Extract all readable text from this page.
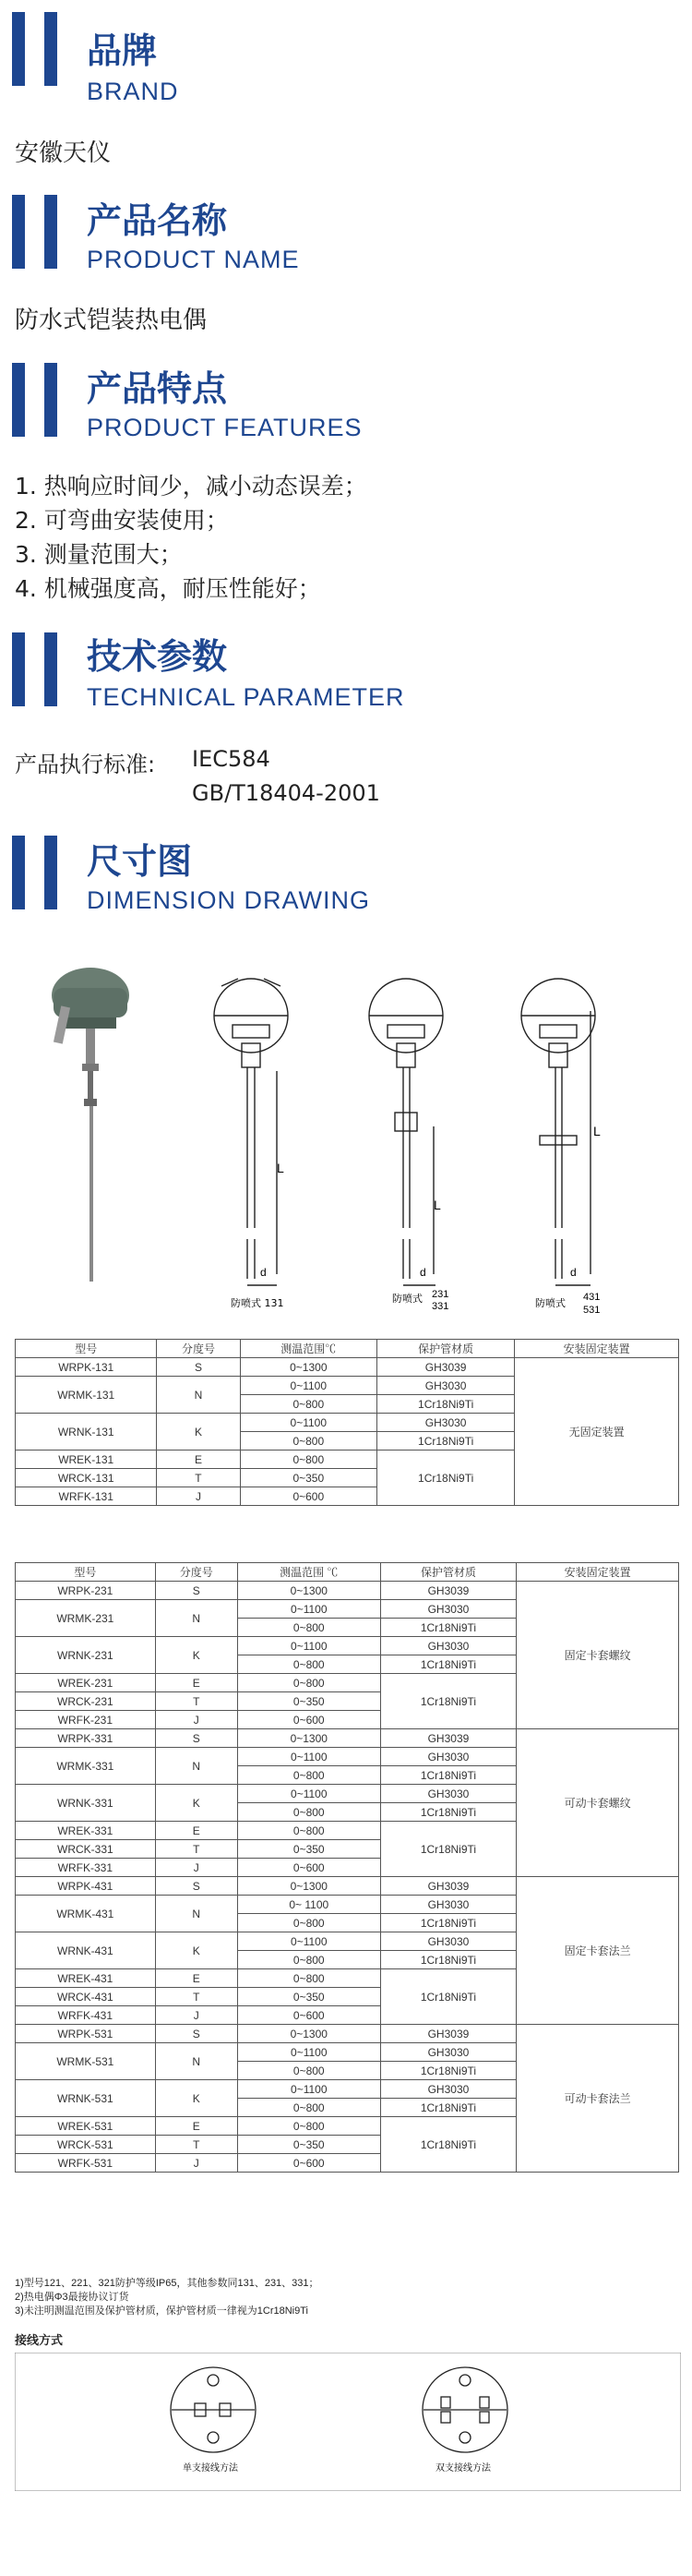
品牌
BRAND
安徽天仪
产品名称
PRODUCT NAME
防水式铠装热电偶
产品特点
PRODUCT FEATURES
1. 热响应时间少，减小动态误差；
2. 可弯曲安装使用；
3. 测量范围大；
4. 机械强度高，耐压性能好；
技术参数
TECHNICAL PARAMETER
产品执行标准: IEC584
GB/T18404-2001
尺寸图
DIMENSION DRAWING
L
L
L
d	d	d
防喷式 131	防喷式 231
331	防喷式 431
531
型号	分度号	测温范围℃	保护管材质	安装固定装置
WRPK-131	S	0~1300	GH3039	无固定装置
WRMK-131	N	0~1100	GH3030	
		0~800	1Cr18Ni9Ti	
WRNK-131	K	0~1100	GH3030	
		0~800	1Cr18Ni9Ti	
WREK-131	E	0~800	1Cr18Ni9Ti	
WRCK-131	T	0~350		
WRFK-131	J	0~600		
型号	分度号	测温范围 ℃	保护管材质	安装固定装置
WRPK-231	S	0~1300	GH3039	固定卡套螺纹
WRMK-231	N	0~1100	GH3030	
		0~800	1Cr18Ni9Ti	
WRNK-231	K	0~1100	GH3030	
		0~800	1Cr18Ni9Ti	
WREK-231	E	0~800	1Cr18Ni9Ti	
WRCK-231	T	0~350		
WRFK-231	J	0~600		
WRPK-331	S	0~1300	GH3039	可动卡套螺纹
WRMK-331	N	0~1100	GH3030	
		0~800	1Cr18Ni9Ti	
WRNK-331	K	0~1100	GH3030	
		0~800	1Cr18Ni9Ti	
WREK-331	E	0~800	1Cr18Ni9Ti	
WRCK-331	T	0~350		
WRFK-331	J	0~600		
WRPK-431	S	0~1300	GH3039	固定卡套法兰
WRMK-431	N	0~ 1100	GH3030	
		0~800	1Cr18Ni9Ti	
WRNK-431	K	0~1100	GH3030	
		0~800	1Cr18Ni9Ti	
WREK-431	E	0~800	1Cr18Ni9Ti	
WRCK-431	T	0~350		
WRFK-431	J	0~600		
WRPK-531	S	0~1300	GH3039	可动卡套法兰
WRMK-531	N	0~1100	GH3030	
		0~800	1Cr18Ni9Ti	
WRNK-531	K	0~1100	GH3030	
		0~800	1Cr18Ni9Ti	
WREK-531	E	0~800	1Cr18Ni9Ti	
WRCK-531	T	0~350		
WRFK-531	J	0~600		
1)型号121、221、321防护等级IP65，其他参数同131、231、331；
2)热电偶Φ3最接协议订货
3)未注明测温范围及保护管材质，保护管材质一律视为1Cr18Ni9Ti
接线方式
单支接线方法	双支接线方法
